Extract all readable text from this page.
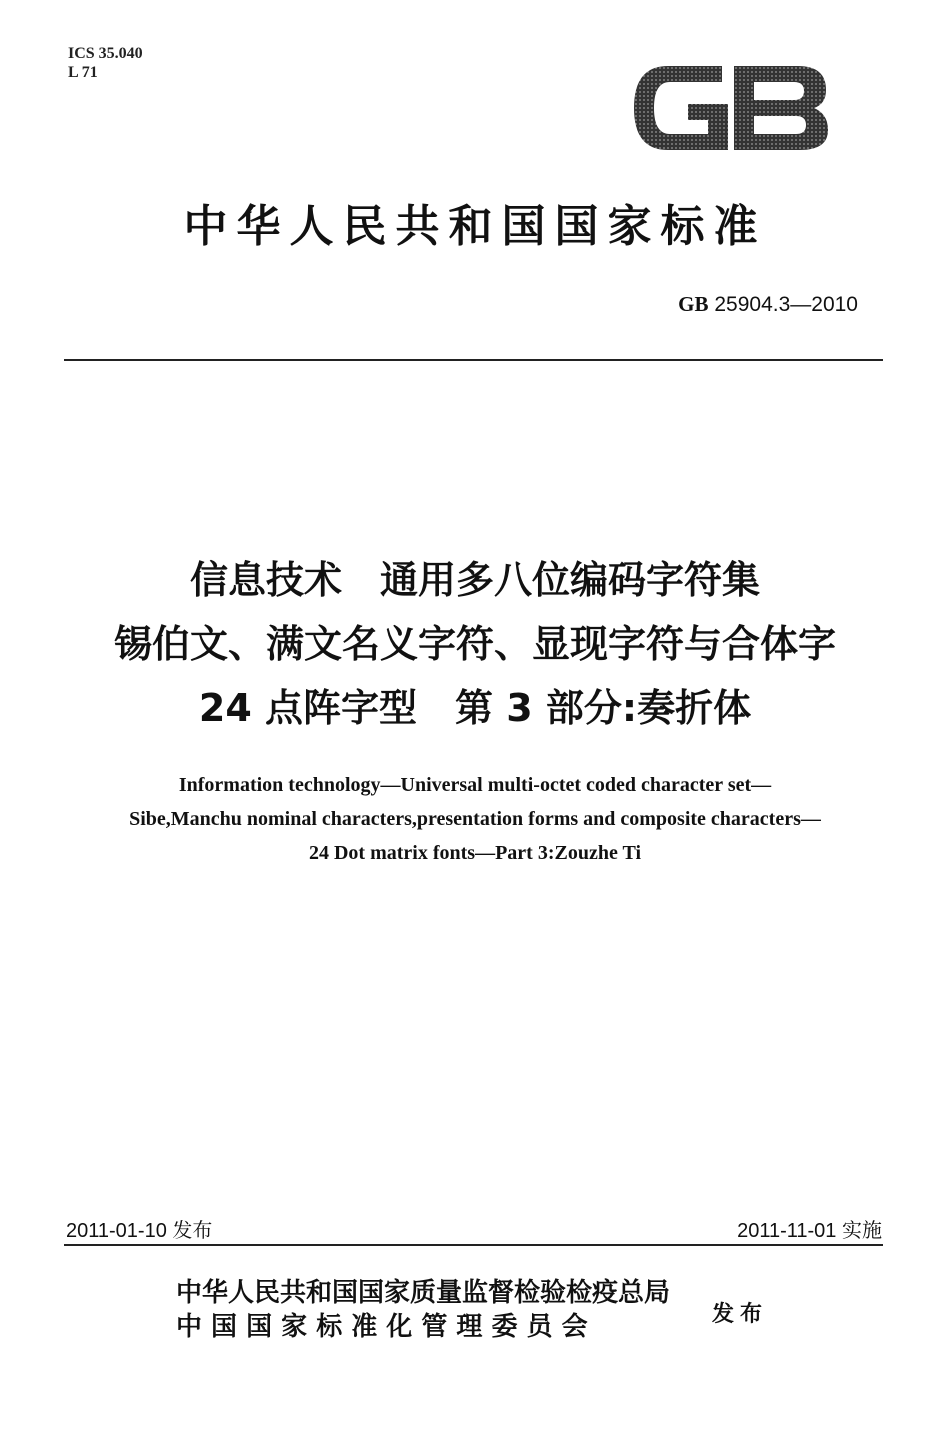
ICS 35.040
L 71
中华人民共和国国家标准
GB 25904.3—2010
信息技术　通用多八位编码字符集
锡伯文、满文名义字符、显现字符与合体字
24 点阵字型　第 3 部分:奏折体
Information technology—Universal multi-octet coded character set—
Sibe,Manchu nominal characters,presentation forms and composite characters—
24 Dot matrix fonts—Part 3:Zouzhe Ti
2011-01-10 发布	2011-11-01 实施
中华人民共和国国家质量监督检验检疫总局
中 国 国 家 标 准 化 管 理 委 员 会	发布
